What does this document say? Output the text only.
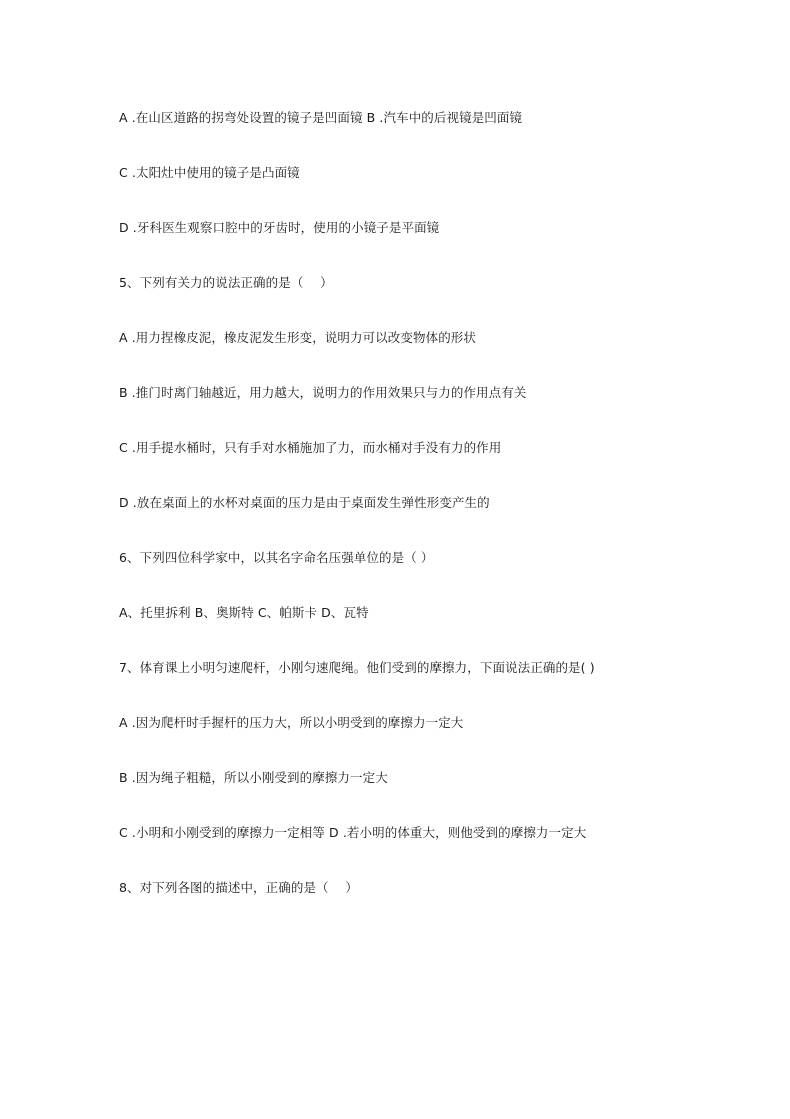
A .在山区道路的拐弯处设置的镜子是凹面镜 B .汽车中的后视镜是凹面镜
C .太阳灶中使用的镜子是凸面镜
D .牙科医生观察口腔中的牙齿时，使用的小镜子是平面镜
5、下列有关力的说法正确的是（　 ）
A .用力捏橡皮泥，橡皮泥发生形变，说明力可以改变物体的形状
B .推门时离门轴越近，用力越大，说明力的作用效果只与力的作用点有关
C .用手提水桶时，只有手对水桶施加了力，而水桶对手没有力的作用
D .放在桌面上的水杯对桌面的压力是由于桌面发生弹性形变产生的
6、下列四位科学家中，以其名字命名压强单位的是（ ）
A、托里拆利 B、奥斯特 C、帕斯卡 D、瓦特
7、体育课上小明匀速爬杆，小刚匀速爬绳。他们受到的摩擦力，下面说法正确的是( )
A .因为爬杆时手握杆的压力大，所以小明受到的摩擦力一定大
B .因为绳子粗糙，所以小刚受到的摩擦力一定大
C .小明和小刚受到的摩擦力一定相等 D .若小明的体重大，则他受到的摩擦力一定大
8、对下列各图的描述中，正确的是（　 ）
